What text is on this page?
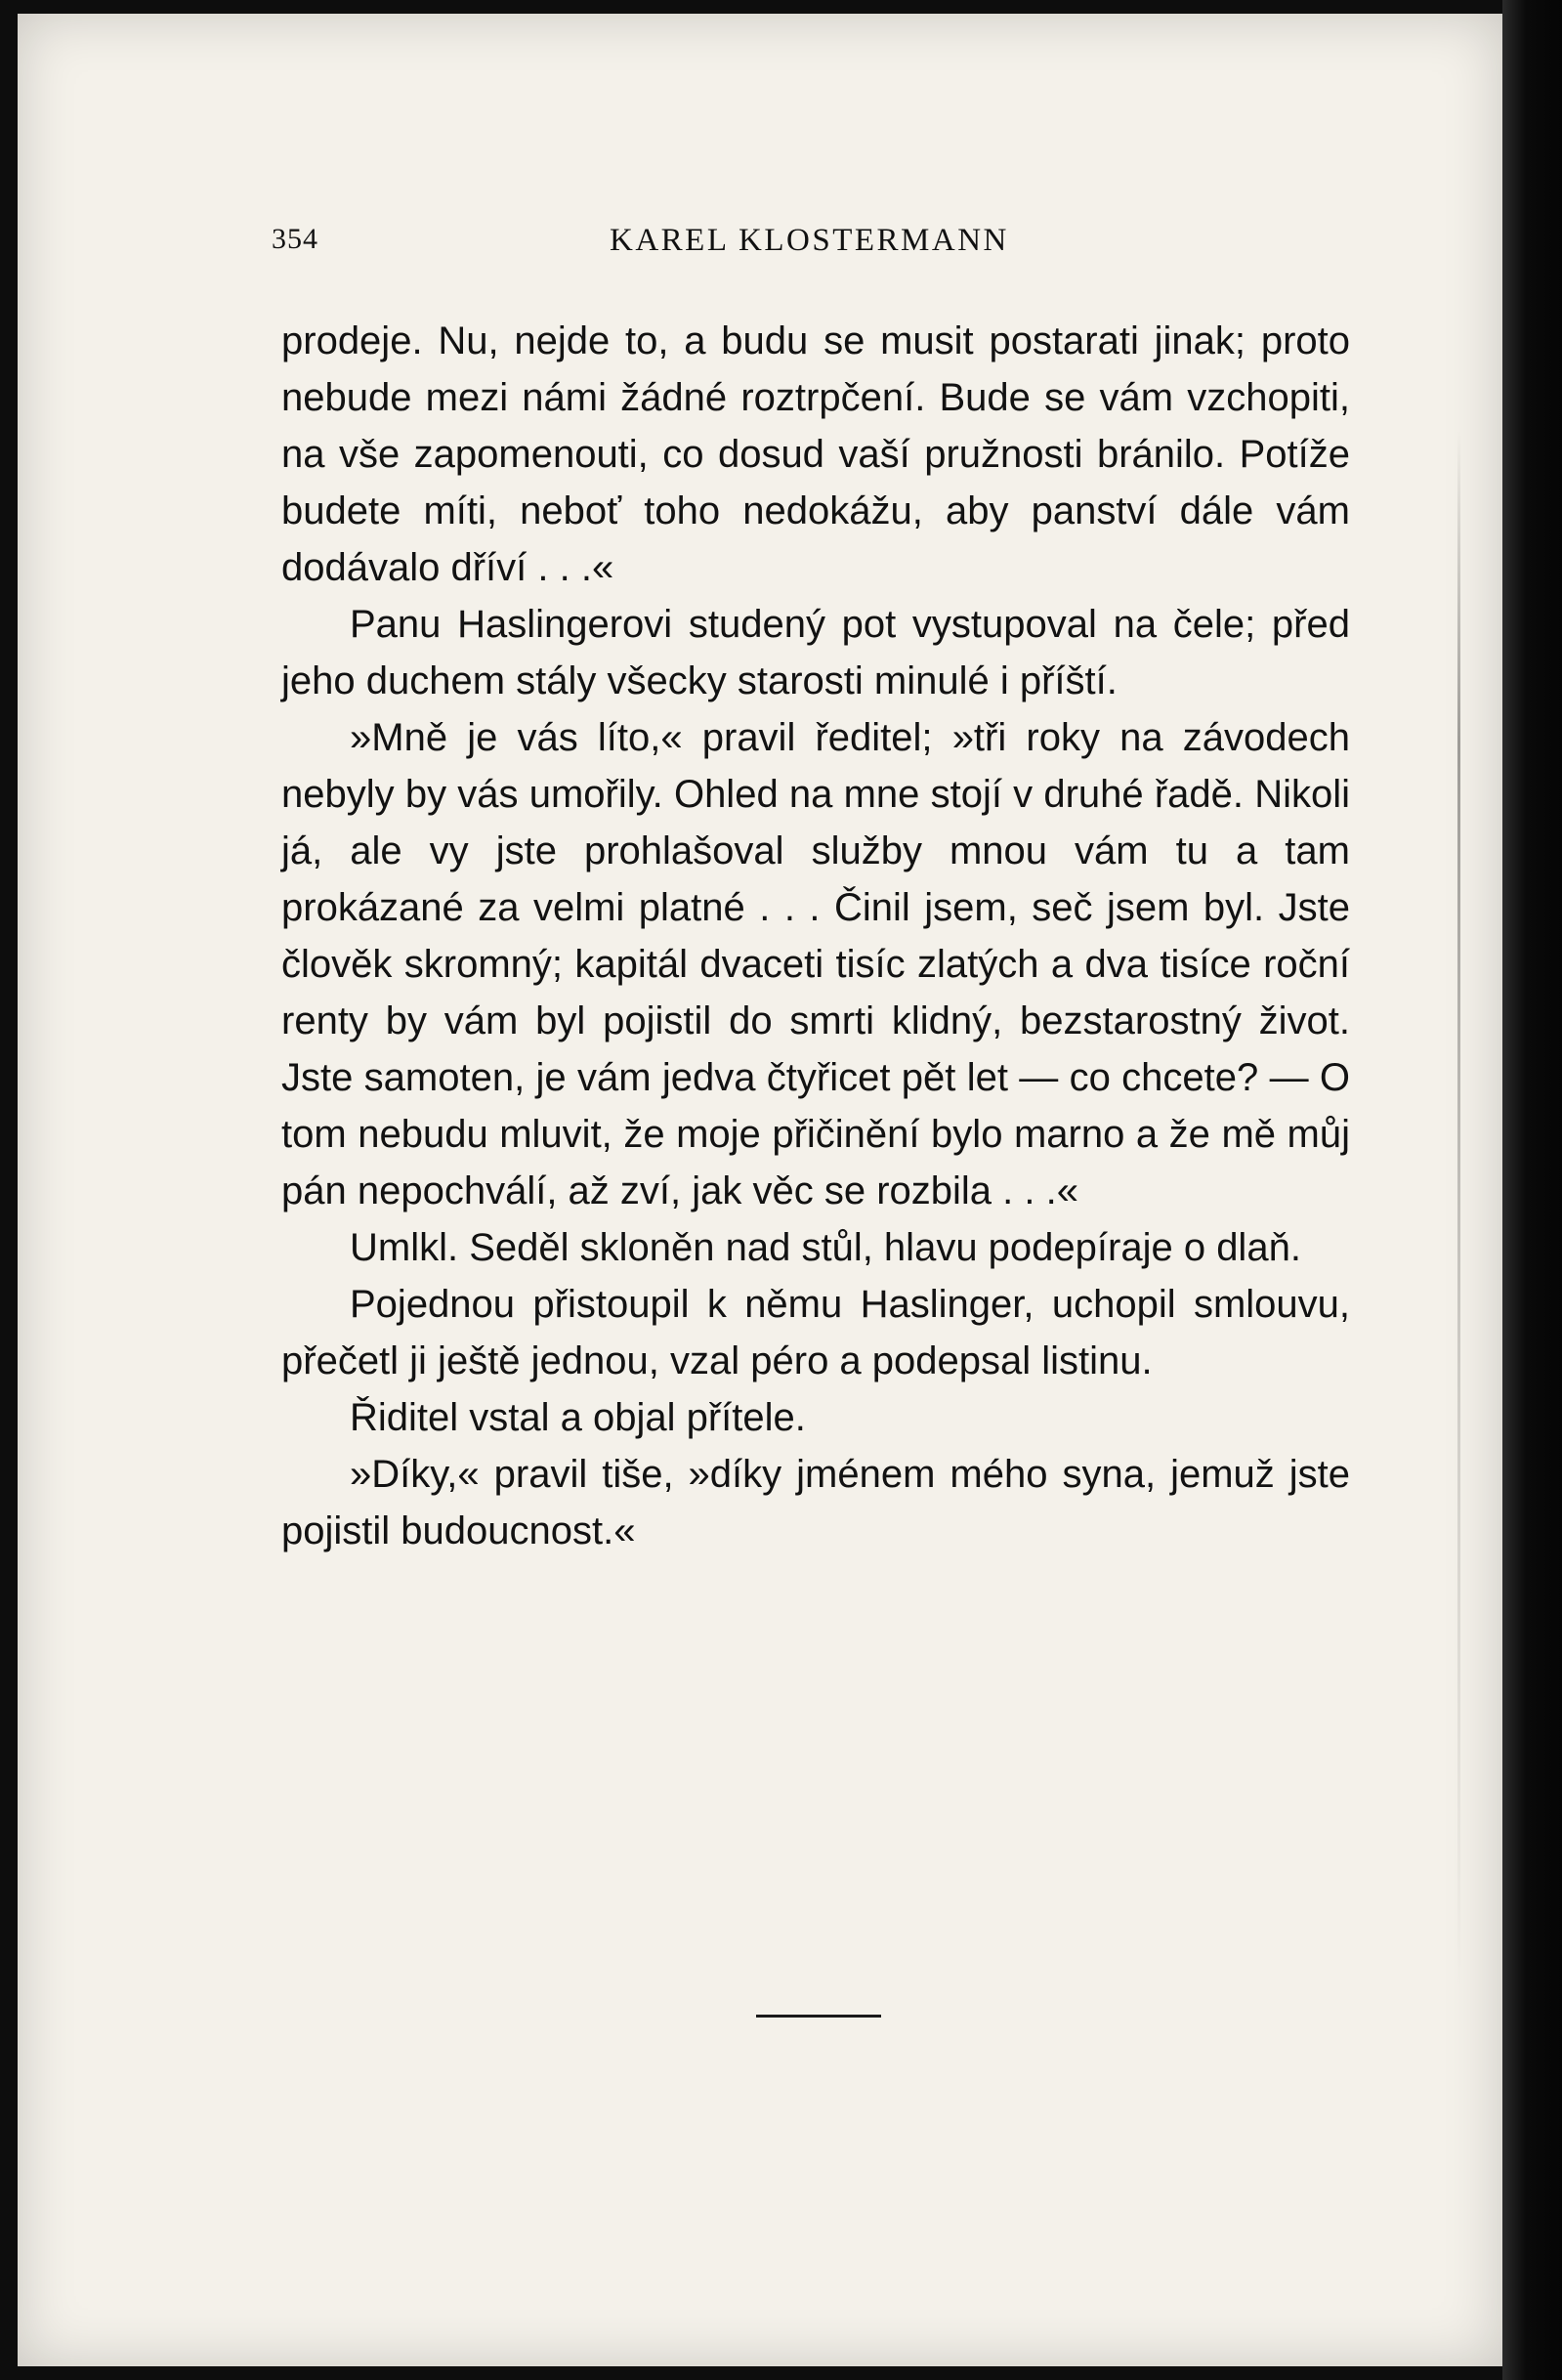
354	KAREL KLOSTERMANN

prodeje. Nu, nejde to, a budu se musit postarati jinak; proto nebude mezi námi žádné roztrpčení. Bude se vám vzchopiti, na vše zapomenouti, co dosud vaší pružnosti bránilo. Potíže budete míti, neboť toho nedokážu, aby panství dále vám dodávalo dříví . . .«

Panu Haslingerovi studený pot vystupoval na čele; před jeho duchem stály všecky starosti minulé i příští.

»Mně je vás líto,« pravil ředitel; »tři roky na závodech nebyly by vás umořily. Ohled na mne stojí v druhé řadě. Nikoli já, ale vy jste prohlašoval služby mnou vám tu a tam prokázané za velmi platné . . . Činil jsem, seč jsem byl. Jste člověk skromný; kapitál dvaceti tisíc zlatých a dva tisíce roční renty by vám byl pojistil do smrti klidný, bezstarostný život. Jste samoten, je vám jedva čtyřicet pět let — co chcete? — O tom nebudu mluvit, že moje přičinění bylo marno a že mě můj pán nepochválí, až zví, jak věc se rozbila . . .«

Umlkl. Seděl skloněn nad stůl, hlavu podepíraje o dlaň.

Pojednou přistoupil k němu Haslinger, uchopil smlouvu, přečetl ji ještě jednou, vzal péro a podepsal listinu.

Řiditel vstal a objal přítele.

»Díky,« pravil tiše, »díky jménem mého syna, jemuž jste pojistil budoucnost.«
